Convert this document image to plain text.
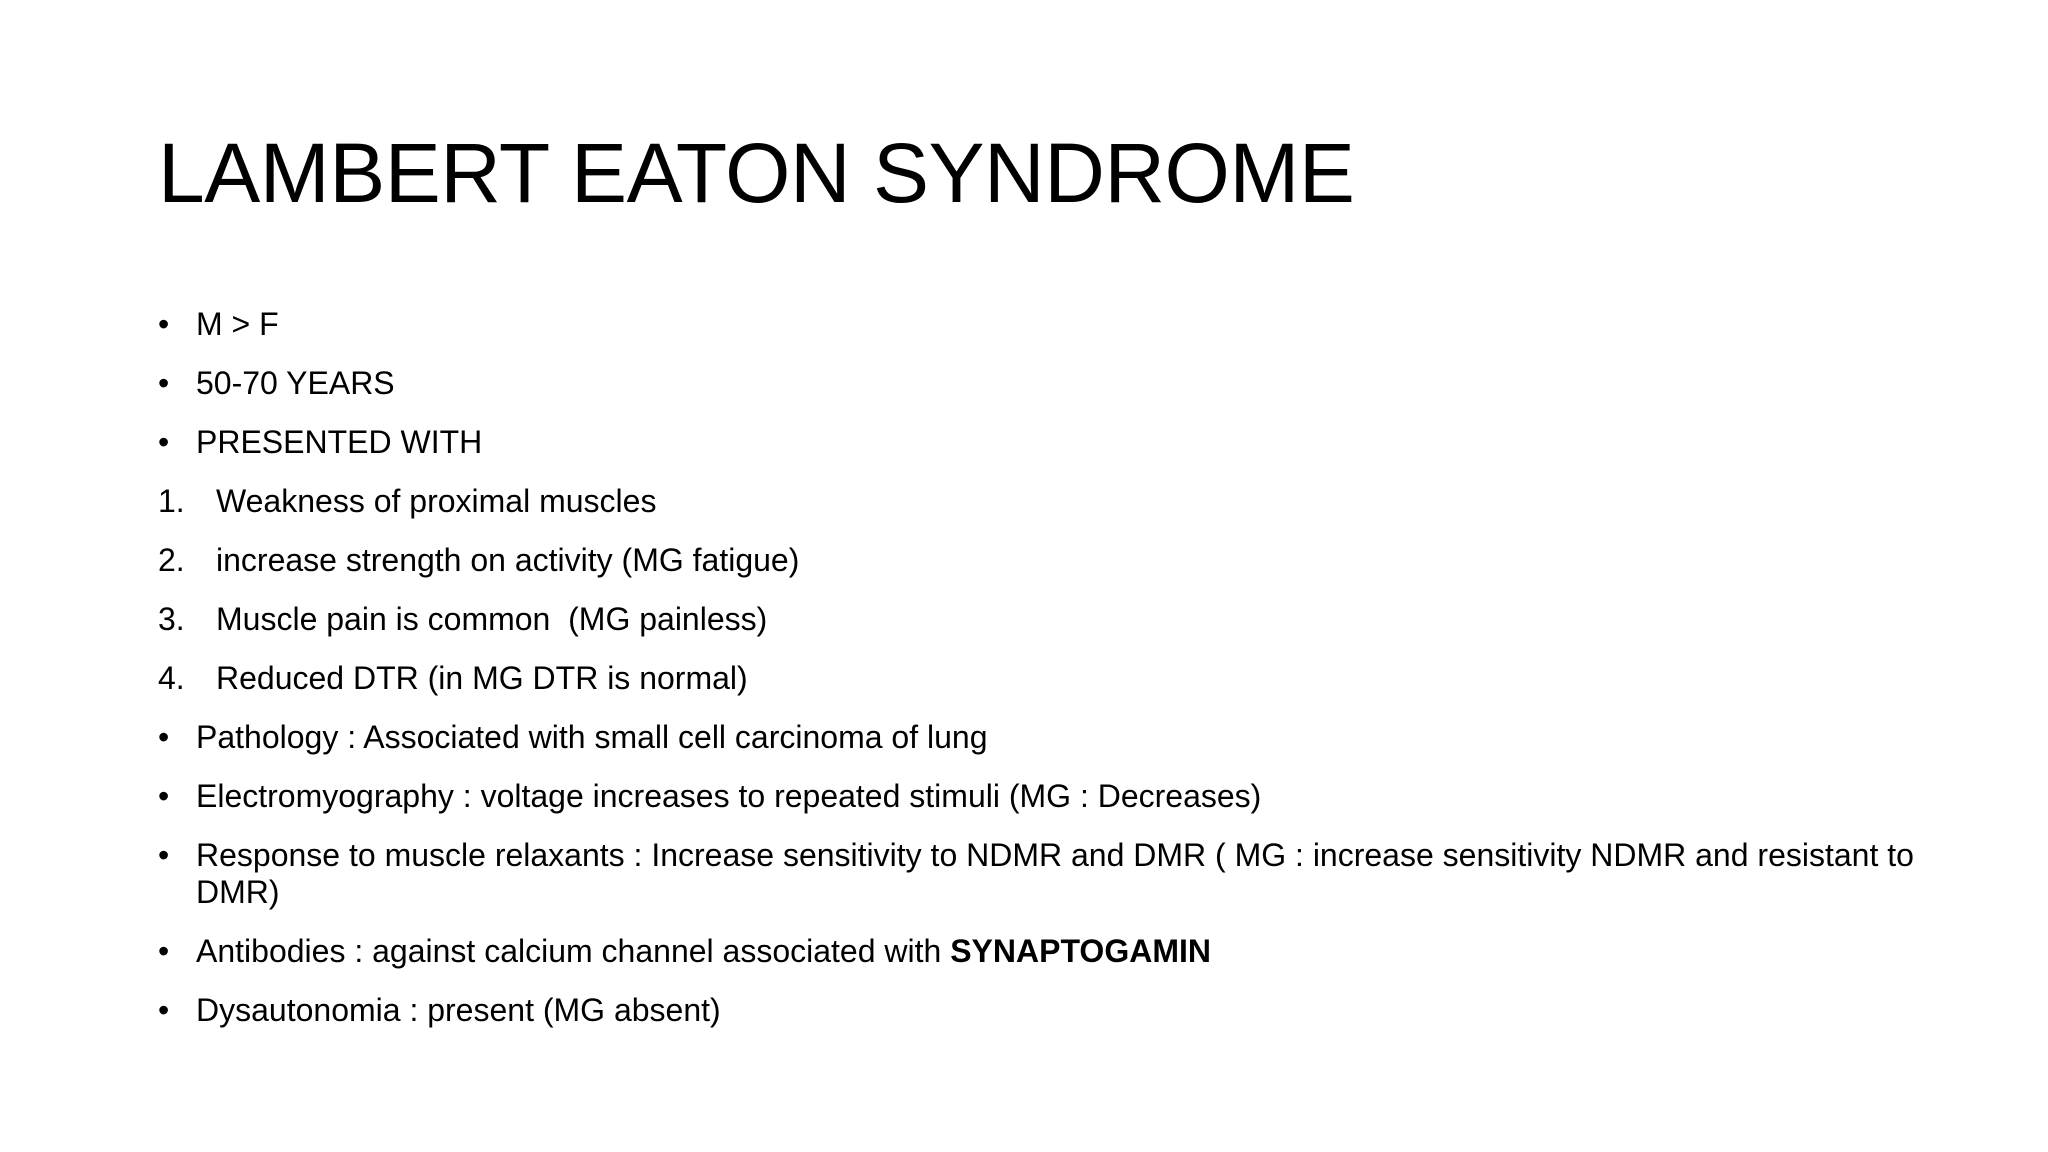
LAMBERT EATON SYNDROME
• M > F
• 50-70 YEARS
• PRESENTED WITH
1. Weakness of proximal muscles
2. increase strength on activity (MG fatigue)
3. Muscle pain is common  (MG painless)
4. Reduced DTR (in MG DTR is normal)
• Pathology : Associated with small cell carcinoma of lung
• Electromyography : voltage increases to repeated stimuli (MG : Decreases)
• Response to muscle relaxants : Increase sensitivity to NDMR and DMR ( MG : increase sensitivity NDMR and resistant to DMR)
• Antibodies : against calcium channel associated with SYNAPTOGAMIN
• Dysautonomia : present (MG absent)
